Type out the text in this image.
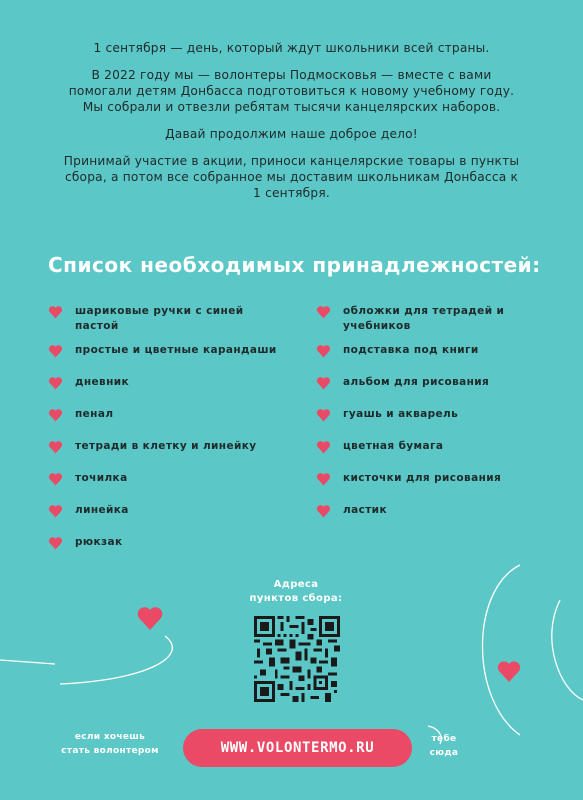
1 сентября — день, который ждут школьники всей страны.

В 2022 году мы — волонтеры Подмосковья — вместе с вами помогали детям Донбасса подготовиться к новому учебному году. Мы собрали и отвезли ребятам тысячи канцелярских наборов.

Давай продолжим наше доброе дело!

Принимай участие в акции, приноси канцелярские товары в пункты сбора, а потом все собранное мы доставим школьникам Донбасса к 1 сентября.

Список необходимых принадлежностей:
шариковые ручки с синей пастой
простые и цветные карандаши
дневник
пенал
тетради в клетку и линейку
точилка
линейка
рюкзак
обложки для тетрадей и учебников
подставка под книги
альбом для рисования
гуашь и акварель
цветная бумага
кисточки для рисования
ластик
Адреса
пунктов сбора:
если хочешь
стать волонтером	WWW.VOLONTERMO.RU
тебе
сюда
